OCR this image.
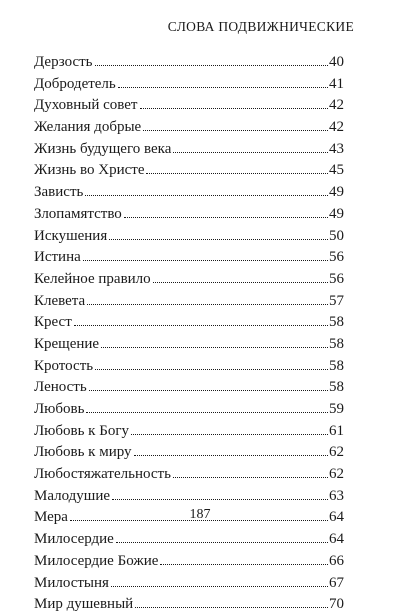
СЛОВА ПОДВИЖНИЧЕСКИЕ
Дерзость	40
Добродетель	41
Духовный совет	42
Желания добрые	42
Жизнь будущего века	43
Жизнь во Христе	45
Зависть	49
Злопамятство	49
Искушения	50
Истина	56
Келейное правило	56
Клевета	57
Крест	58
Крещение	58
Кротость	58
Леность	58
Любовь	59
Любовь к Богу	61
Любовь к миру	62
Любостяжательность	62
Малодушие	63
Мера	64
Милосердие	64
Милосердие Божие	66
Милостыня	67
Мир душевный	70
187
